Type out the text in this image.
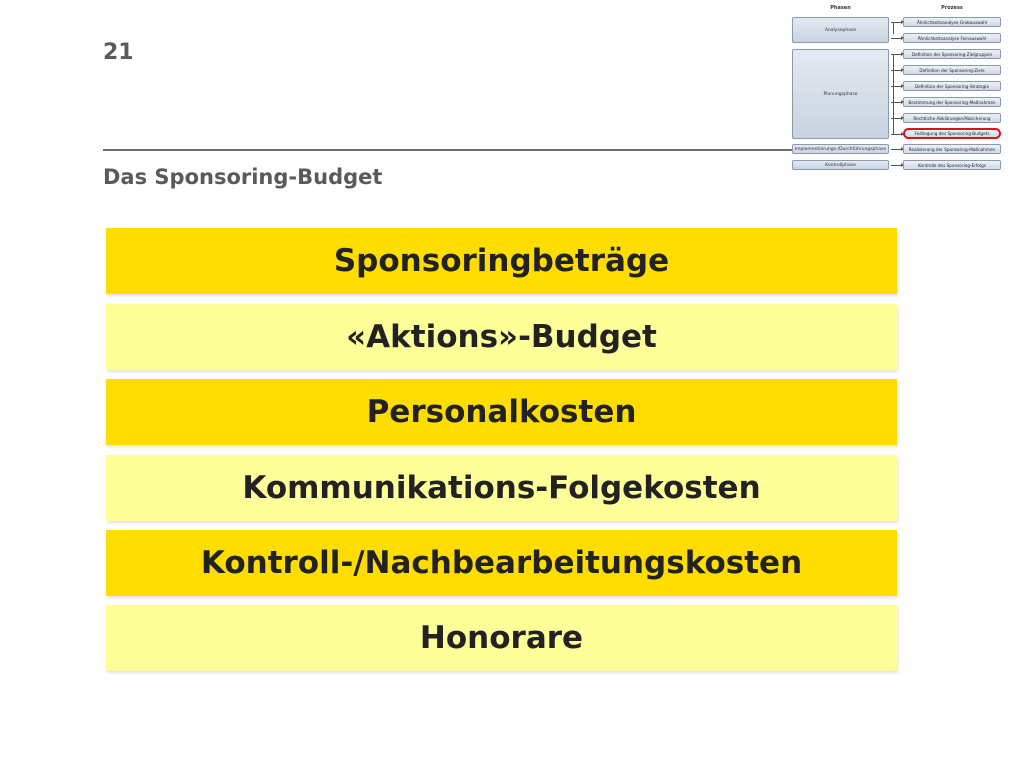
21
Das Sponsoring-Budget
Phasen	Prozess
Analysephase
Planungsphase
Implementierungs-/Durchführungsphase
Kontrollphase
Ähnlichkeitsanalyse Grobauswahl
Ähnlichkeitsanalyse Feinauswahl
Definition der Sponsoring-Zielgruppen
Definition der Sponsoring-Ziele
Definition der Sponsoring-Strategie
Bestimmung der Sponsoring-Maßnahmen
Rechtliche Abklärungen/Absicherung
Festlegung des Sponsoring-Budgets
Realisierung der Sponsoring-Maßnahmen
Kontrolle des Sponsoring-Erfolgs
Sponsoringbeträge
«Aktions»-Budget
Personalkosten
Kommunikations-Folgekosten
Kontroll-/Nachbearbeitungskosten
Honorare
